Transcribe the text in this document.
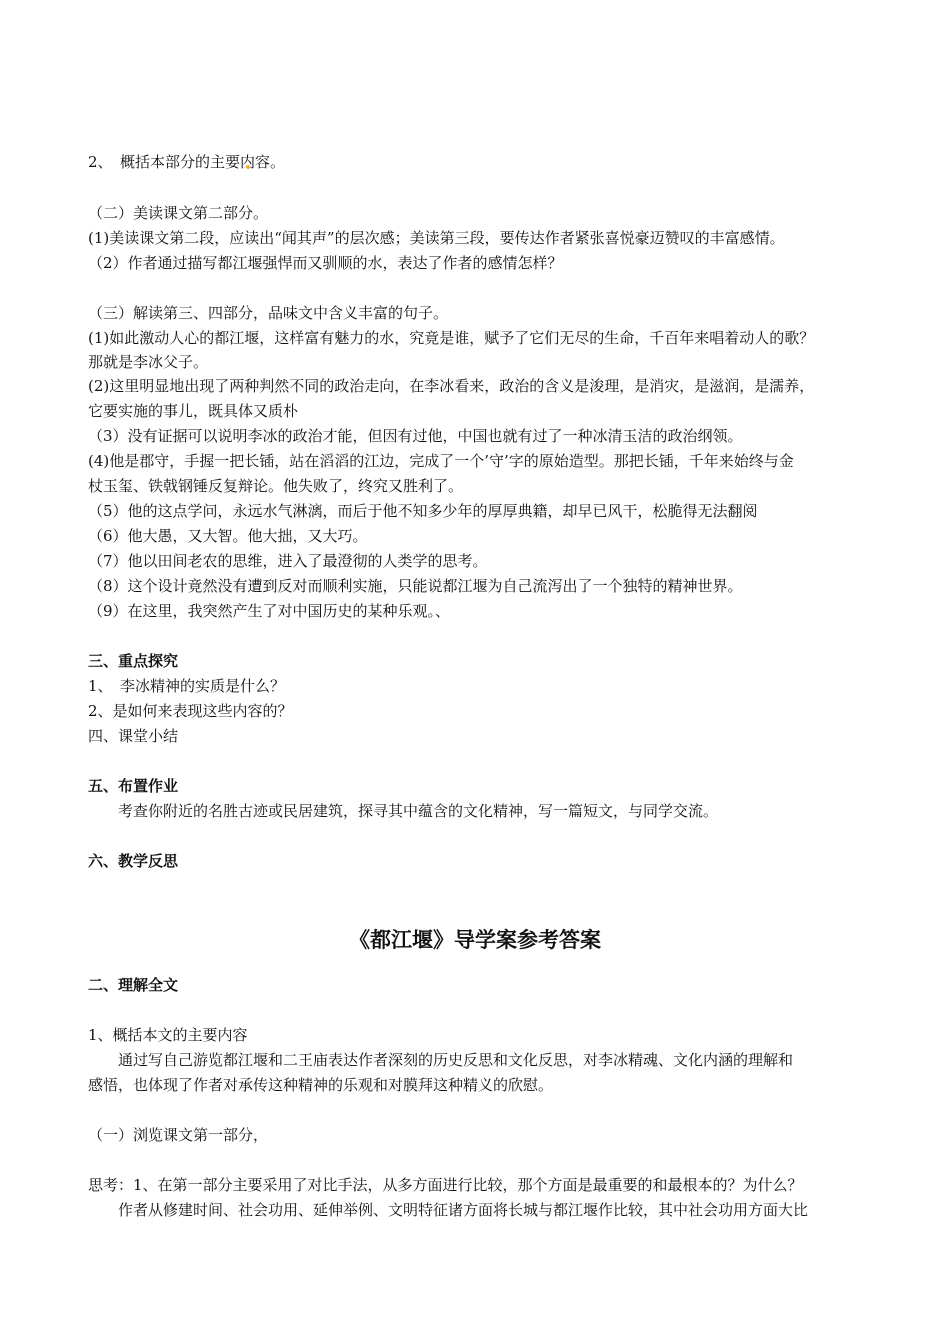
2、　概括本部分的主要内容。
（二）美读课文第二部分。
(1)美读课文第二段，应读出“闻其声”的层次感；美读第三段，要传达作者紧张喜悦豪迈赞叹的丰富感情。
（2）作者通过描写都江堰强悍而又驯顺的水，表达了作者的感情怎样？
（三）解读第三、四部分，品味文中含义丰富的句子。
(1)如此激动人心的都江堰，这样富有魅力的水，究竟是谁，赋予了它们无尽的生命，千百年来唱着动人的歌？
那就是李冰父子。
(2)这里明显地出现了两种判然不同的政治走向，在李冰看来，政治的含义是浚理，是消灾，是滋润，是濡养，
它要实施的事儿，既具体又质朴
（3）没有证据可以说明李冰的政治才能，但因有过他，中国也就有过了一种冰清玉洁的政治纲领。
(4)他是郡守，手握一把长锸，站在滔滔的江边，完成了一个’守’字的原始造型。那把长锸，千年来始终与金
杖玉玺、铁戟钢锤反复辩论。他失败了，终究又胜利了。
（5）他的这点学问，永远水气淋漓，而后于他不知多少年的厚厚典籍，却早已风干，松脆得无法翻阅
（6）他大愚，又大智。他大拙，又大巧。
（7）他以田间老农的思维，进入了最澄彻的人类学的思考。
（8）这个设计竟然没有遭到反对而顺利实施，只能说都江堰为自己流泻出了一个独特的精神世界。
（9）在这里，我突然产生了对中国历史的某种乐观。、
三、重点探究
1、　李冰精神的实质是什么？
2、是如何来表现这些内容的？
四、课堂小结
五、布置作业
考查你附近的名胜古迹或民居建筑，探寻其中蕴含的文化精神，写一篇短文，与同学交流。
六、教学反思
《都江堰》导学案参考答案
二、理解全文
1、概括本文的主要内容
通过写自己游览都江堰和二王庙表达作者深刻的历史反思和文化反思，对李冰精魂、文化内涵的理解和
感悟，也体现了作者对承传这种精神的乐观和对膜拜这种精义的欣慰。
（一）浏览课文第一部分，
思考：1、在第一部分主要采用了对比手法，从多方面进行比较，那个方面是最重要的和最根本的？为什么？
作者从修建时间、社会功用、延伸举例、文明特征诸方面将长城与都江堰作比较，其中社会功用方面大比
